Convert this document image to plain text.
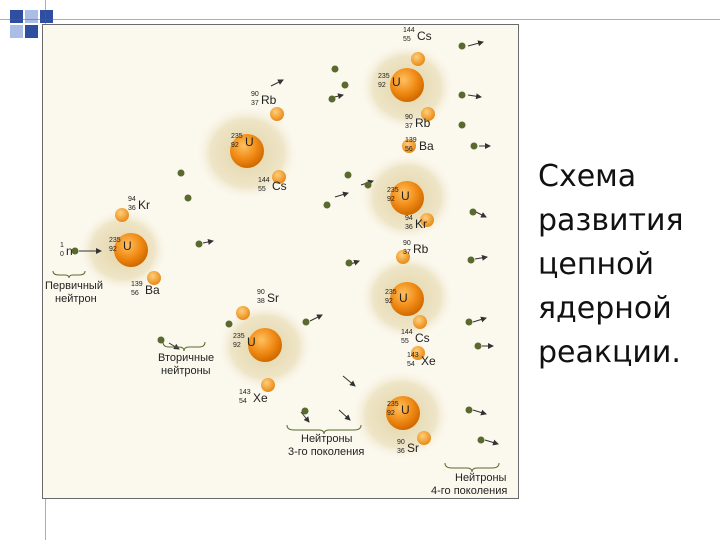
235
92 U
235
92 U
235
92 U
235
92 U
235
92 U
235
92 U
235
92 U
94
36 Kr
139
56 Ba
90
37 Rb
144
55 Cs
90
38 Sr
143
54 Xe
144
55 Cs
90
37 Rb
139
56 Ba
94
36 Kr
90
37 Rb
144
55 Cs
143
54 Xe
90
36 Sr
1
0 n
Первичный
нейтрон
Вторичные
нейтроны
Нейтроны
3-го поколения
Нейтроны
4-го поколения
Схема
развития
цепной
ядерной
реакции.
